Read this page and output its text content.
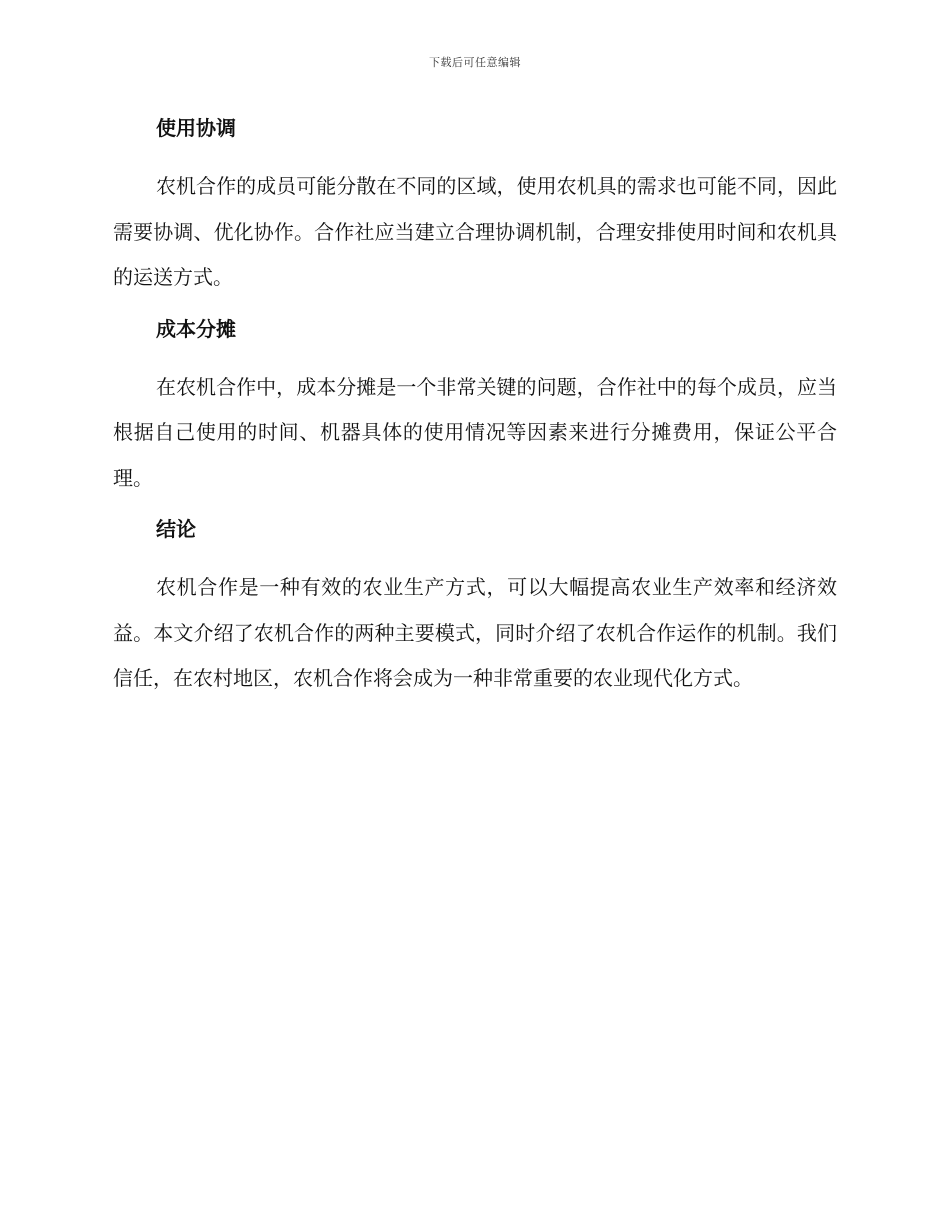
下载后可任意编辑
使用协调

农机合作的成员可能分散在不同的区域，使用农机具的需求也可能不同，因此需要协调、优化协作。合作社应当建立合理协调机制，合理安排使用时间和农机具的运送方式。

成本分摊

在农机合作中，成本分摊是一个非常关键的问题，合作社中的每个成员，应当根据自己使用的时间、机器具体的使用情况等因素来进行分摊费用，保证公平合理。

结论

农机合作是一种有效的农业生产方式，可以大幅提高农业生产效率和经济效益。本文介绍了农机合作的两种主要模式，同时介绍了农机合作运作的机制。我们信任，在农村地区，农机合作将会成为一种非常重要的农业现代化方式。
